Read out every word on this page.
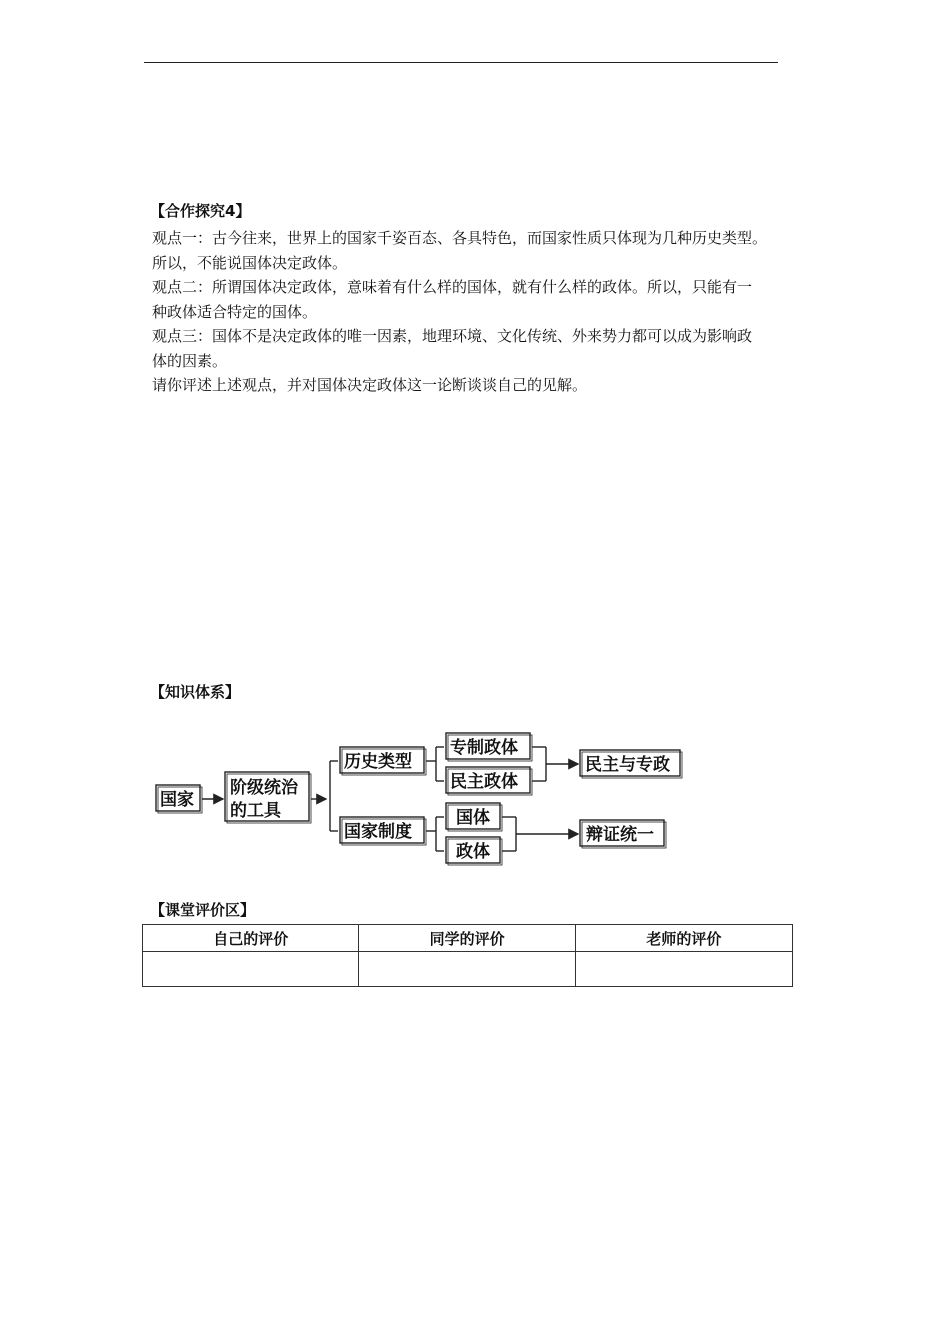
【合作探究4】

观点一：古今往来，世界上的国家千姿百态、各具特色，而国家性质只体现为几种历史类型。

所以，不能说国体决定政体。

观点二：所谓国体决定政体，意味着有什么样的国体，就有什么样的政体。所以，只能有一

种政体适合特定的国体。

观点三：国体不是决定政体的唯一因素，地理环境、文化传统、外来势力都可以成为影响政

体的因素。

请你评述上述观点，并对国体决定政体这一论断谈谈自己的见解。

【知识体系】
国家
阶级统治
的工具
历史类型
专制政体
民主政体
民主与专政
国家制度
国体
政体
辩证统一
【课堂评价区】
自己的评价	同学的评价	老师的评价
